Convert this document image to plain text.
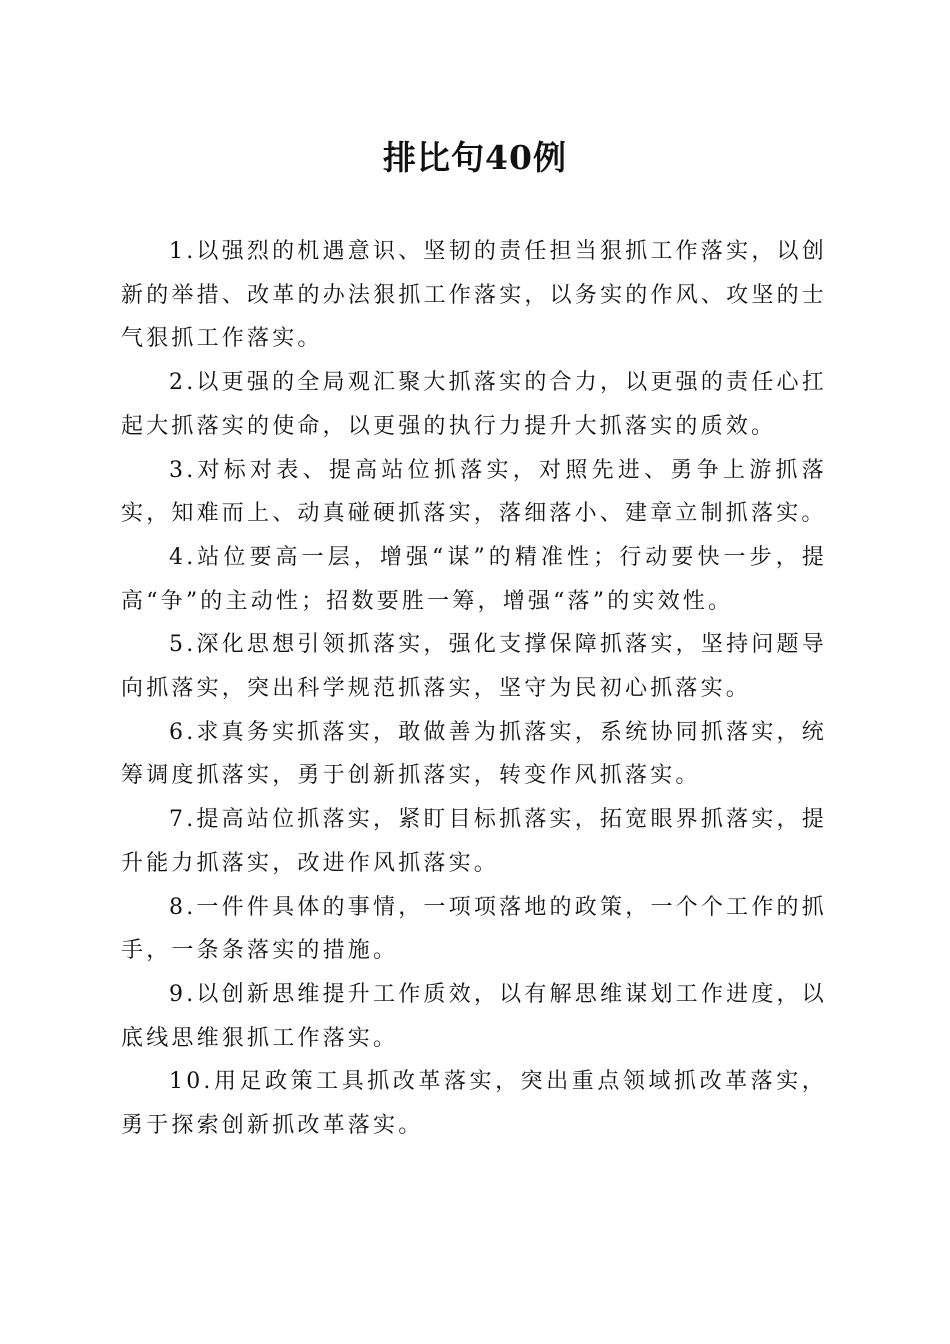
排比句40例

1.以强烈的机遇意识、坚韧的责任担当狠抓工作落实，以创新的举措、改革的办法狠抓工作落实，以务实的作风、攻坚的士气狠抓工作落实。

2.以更强的全局观汇聚大抓落实的合力，以更强的责任心扛起大抓落实的使命，以更强的执行力提升大抓落实的质效。

3.对标对表、提高站位抓落实，对照先进、勇争上游抓落实，知难而上、动真碰硬抓落实，落细落小、建章立制抓落实。

4.站位要高一层，增强“谋”的精准性；行动要快一步，提高“争”的主动性；招数要胜一筹，增强“落”的实效性。

5.深化思想引领抓落实，强化支撑保障抓落实，坚持问题导向抓落实，突出科学规范抓落实，坚守为民初心抓落实。

6.求真务实抓落实，敢做善为抓落实，系统协同抓落实，统筹调度抓落实，勇于创新抓落实，转变作风抓落实。

7.提高站位抓落实，紧盯目标抓落实，拓宽眼界抓落实，提升能力抓落实，改进作风抓落实。

8.一件件具体的事情，一项项落地的政策，一个个工作的抓手，一条条落实的措施。

9.以创新思维提升工作质效，以有解思维谋划工作进度，以底线思维狠抓工作落实。

10.用足政策工具抓改革落实，突出重点领域抓改革落实，勇于探索创新抓改革落实。
